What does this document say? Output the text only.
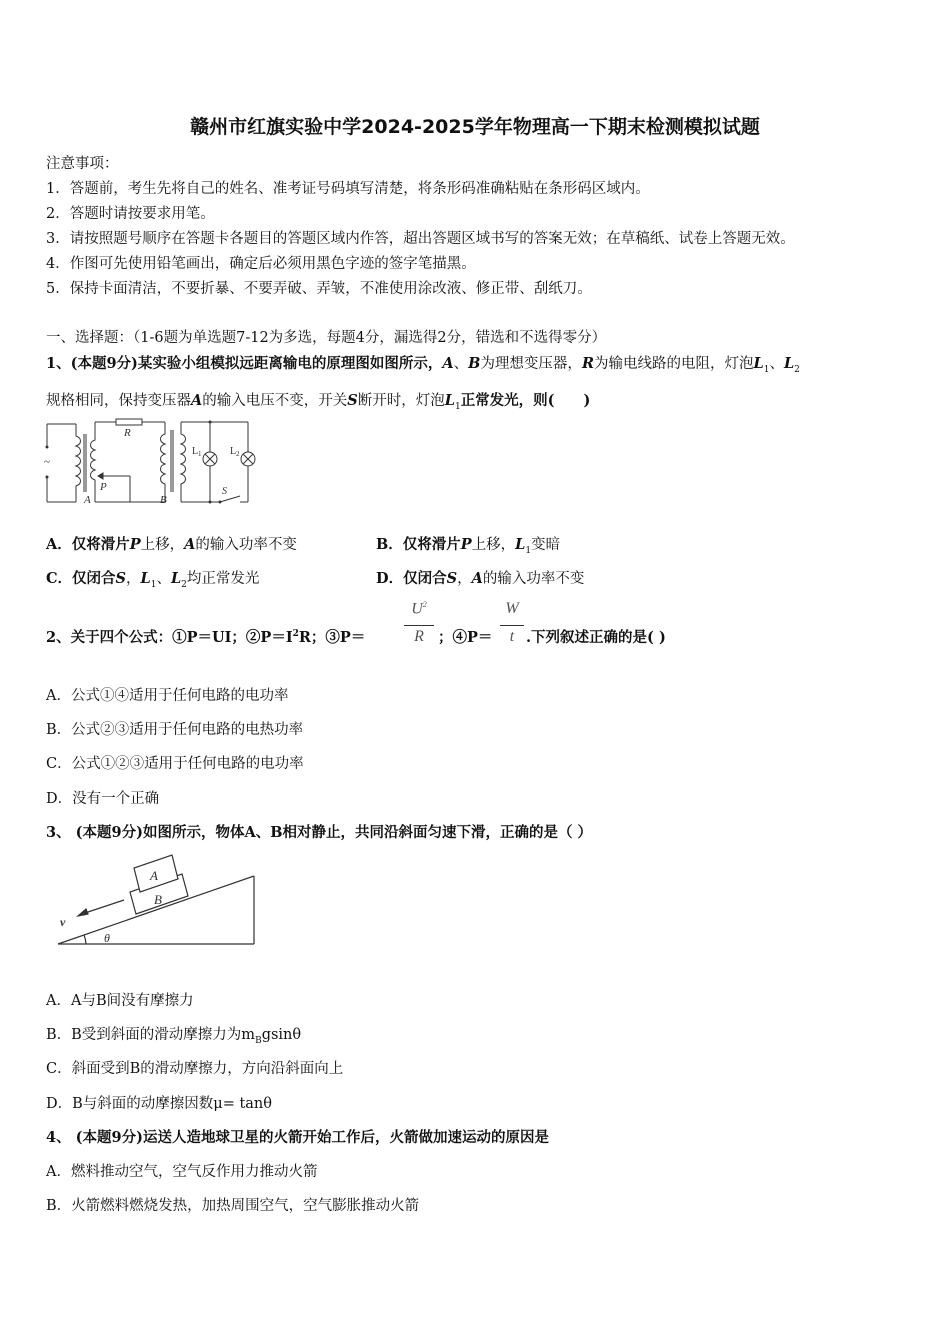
赣州市红旗实验中学2024-2025学年物理高一下期末检测模拟试题
注意事项：
1．答题前，考生先将自己的姓名、准考证号码填写清楚，将条形码准确粘贴在条形码区域内。
2．答题时请按要求用笔。
3．请按照题号顺序在答题卡各题目的答题区域内作答，超出答题区域书写的答案无效；在草稿纸、试卷上答题无效。
4．作图可先使用铅笔画出，确定后必须用黑色字迹的签字笔描黑。
5．保持卡面清洁，不要折暴、不要弄破、弄皱，不准使用涂改液、修正带、刮纸刀。
一、选择题：（1-6题为单选题7-12为多选，每题4分，漏选得2分，错选和不选得零分）
1、(本题9分)某实验小组模拟远距离输电的原理图如图所示，A、B为理想变压器，R为输电线路的电阻，灯泡$L_1$、$L_2$
规格相同，保持变压器A的输入电压不变，开关S断开时，灯泡$L_1$正常发光，则(　　)
~
R
L 1	L 2
P
A	B
S
A．仅将滑片P上移，A的输入功率不变	B．仅将滑片P上移，$L_1$变暗
C．仅闭合S，$L_1$、$L_2$均正常发光	D．仅闭合S，A的输入功率不变
2、关于四个公式：①P＝UI；$②P=I^2R$；③P＝
$U^2$
R ；④P＝
W
t .下列叙述正确的是( )
A．公式①④适用于任何电路的电功率
B．公式②③适用于任何电路的电热功率
C．公式①②③适用于任何电路的电功率
D．没有一个正确
3、 (本题9分)如图所示，物体A、B相对静止，共同沿斜面匀速下滑，正确的是（ ）
A
B
v
θ
A．A与B间没有摩擦力
B．B受到斜面的滑动摩擦力为$m_Bgsin\theta$
C．斜面受到B的滑动摩擦力，方向沿斜面向上
D．B与斜面的动摩擦因数μ= tanθ
4、 (本题9分)运送人造地球卫星的火箭开始工作后，火箭做加速运动的原因是
A．燃料推动空气，空气反作用力推动火箭
B．火箭燃料燃烧发热，加热周围空气，空气膨胀推动火箭
